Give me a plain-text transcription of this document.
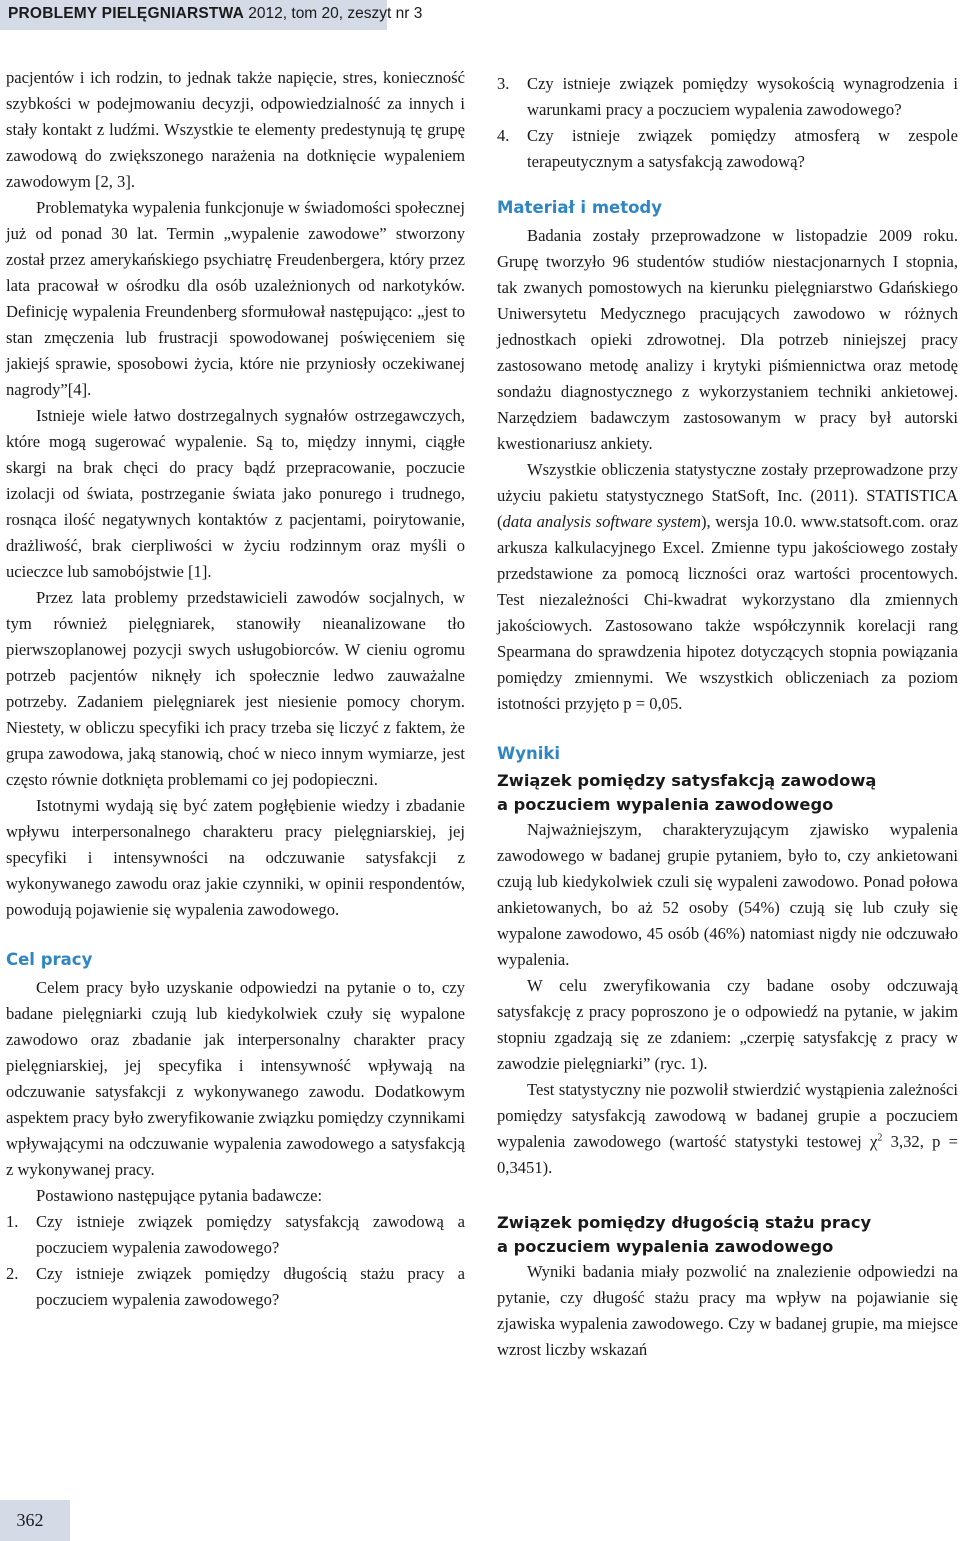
PROBLEMY PIELĘGNIARSTWA 2012, tom 20, zeszyt nr 3

pacjentów i ich rodzin, to jednak także napięcie, stres, konieczność szybkości w podejmowaniu decyzji, odpowiedzialność za innych i stały kontakt z ludźmi. Wszystkie te elementy predestynują tę grupę zawodową do zwiększonego narażenia na dotknięcie wypaleniem zawodowym [2, 3].

Problematyka wypalenia funkcjonuje w świadomości społecznej już od ponad 30 lat. Termin „wypalenie zawodowe” stworzony został przez amerykańskiego psychiatrę Freudenbergera, który przez lata pracował w ośrodku dla osób uzależnionych od narkotyków. Definicję wypalenia Freundenberg sformułował następująco: „jest to stan zmęczenia lub frustracji spowodowanej poświęceniem się jakiejś sprawie, sposobowi życia, które nie przyniosły oczekiwanej nagrody”[4].

Istnieje wiele łatwo dostrzegalnych sygnałów ostrzegawczych, które mogą sugerować wypalenie. Są to, między innymi, ciągłe skargi na brak chęci do pracy bądź przepracowanie, poczucie izolacji od świata, postrzeganie świata jako ponurego i trudnego, rosnąca ilość negatywnych kontaktów z pacjentami, poirytowanie, drażliwość, brak cierpliwości w życiu rodzinnym oraz myśli o ucieczce lub samobójstwie [1].

Przez lata problemy przedstawicieli zawodów socjalnych, w tym również pielęgniarek, stanowiły nieanalizowane tło pierwszoplanowej pozycji swych usługobiorców. W cieniu ogromu potrzeb pacjentów niknęły ich społecznie ledwo zauważalne potrzeby. Zadaniem pielęgniarek jest niesienie pomocy chorym. Niestety, w obliczu specyfiki ich pracy trzeba się liczyć z faktem, że grupa zawodowa, jaką stanowią, choć w nieco innym wymiarze, jest często równie dotknięta problemami co jej podopieczni.

Istotnymi wydają się być zatem pogłębienie wiedzy i zbadanie wpływu interpersonalnego charakteru pracy pielęgniarskiej, jej specyfiki i intensywności na odczuwanie satysfakcji z wykonywanego zawodu oraz jakie czynniki, w opinii respondentów, powodują pojawienie się wypalenia zawodowego.

Cel pracy

Celem pracy było uzyskanie odpowiedzi na pytanie o to, czy badane pielęgniarki czują lub kiedykolwiek czuły się wypalone zawodowo oraz zbadanie jak interpersonalny charakter pracy pielęgniarskiej, jej specyfika i intensywność wpływają na odczuwanie satysfakcji z wykonywanego zawodu. Dodatkowym aspektem pracy było zweryfikowanie związku pomiędzy czynnikami wpływającymi na odczuwanie wypalenia zawodowego a satysfakcją z wykonywanej pracy.

Postawiono następujące pytania badawcze:

1.	Czy istnieje związek pomiędzy satysfakcją zawodową a poczuciem wypalenia zawodowego?
2.	Czy istnieje związek pomiędzy długością stażu pracy a poczuciem wypalenia zawodowego?
3.	Czy istnieje związek pomiędzy wysokością wynagrodzenia i warunkami pracy a poczuciem wypalenia zawodowego?
4.	Czy istnieje związek pomiędzy atmosferą w zespole terapeutycznym a satysfakcją zawodową?
Materiał i metody

Badania zostały przeprowadzone w listopadzie 2009 roku. Grupę tworzyło 96 studentów studiów niestacjonarnych I stopnia, tak zwanych pomostowych na kierunku pielęgniarstwo Gdańskiego Uniwersytetu Medycznego pracujących zawodowo w różnych jednostkach opieki zdrowotnej. Dla potrzeb niniejszej pracy zastosowano metodę analizy i krytyki piśmiennictwa oraz metodę sondażu diagnostycznego z wykorzystaniem techniki ankietowej. Narzędziem badawczym zastosowanym w pracy był autorski kwestionariusz ankiety.

Wszystkie obliczenia statystyczne zostały przeprowadzone przy użyciu pakietu statystycznego StatSoft, Inc. (2011). STATISTICA (data analysis software system), wersja 10.0. www.statsoft.com. oraz arkusza kalkulacyjnego Excel. Zmienne typu jakościowego zostały przedstawione za pomocą liczności oraz wartości procentowych. Test niezależności Chi-kwadrat wykorzystano dla zmiennych jakościowych. Zastosowano także współczynnik korelacji rang Spearmana do sprawdzenia hipotez dotyczących stopnia powiązania pomiędzy zmiennymi. We wszystkich obliczeniach za poziom istotności przyjęto p = 0,05.

Wyniki
Związek pomiędzy satysfakcją zawodową
a poczuciem wypalenia zawodowego

Najważniejszym, charakteryzującym zjawisko wypalenia zawodowego w badanej grupie pytaniem, było to, czy ankietowani czują lub kiedykolwiek czuli się wypaleni zawodowo. Ponad połowa ankietowanych, bo aż 52 osoby (54%) czują się lub czuły się wypalone zawodowo, 45 osób (46%) natomiast nigdy nie odczuwało wypalenia.

W celu zweryfikowania czy badane osoby odczuwają satysfakcję z pracy poproszono je o odpowiedź na pytanie, w jakim stopniu zgadzają się ze zdaniem: „czerpię satysfakcję z pracy w zawodzie pielęgniarki” (ryc. 1).

Test statystyczny nie pozwolił stwierdzić wystąpienia zależności pomiędzy satysfakcją zawodową w badanej grupie a poczuciem wypalenia zawodowego (wartość statystyki testowej $\chi^2$ 3,32, p = 0,3451).

Związek pomiędzy długością stażu pracy
a poczuciem wypalenia zawodowego

Wyniki badania miały pozwolić na znalezienie odpowiedzi na pytanie, czy długość stażu pracy ma wpływ na pojawianie się zjawiska wypalenia zawodowego. Czy w badanej grupie, ma miejsce wzrost liczby wskazań

362
